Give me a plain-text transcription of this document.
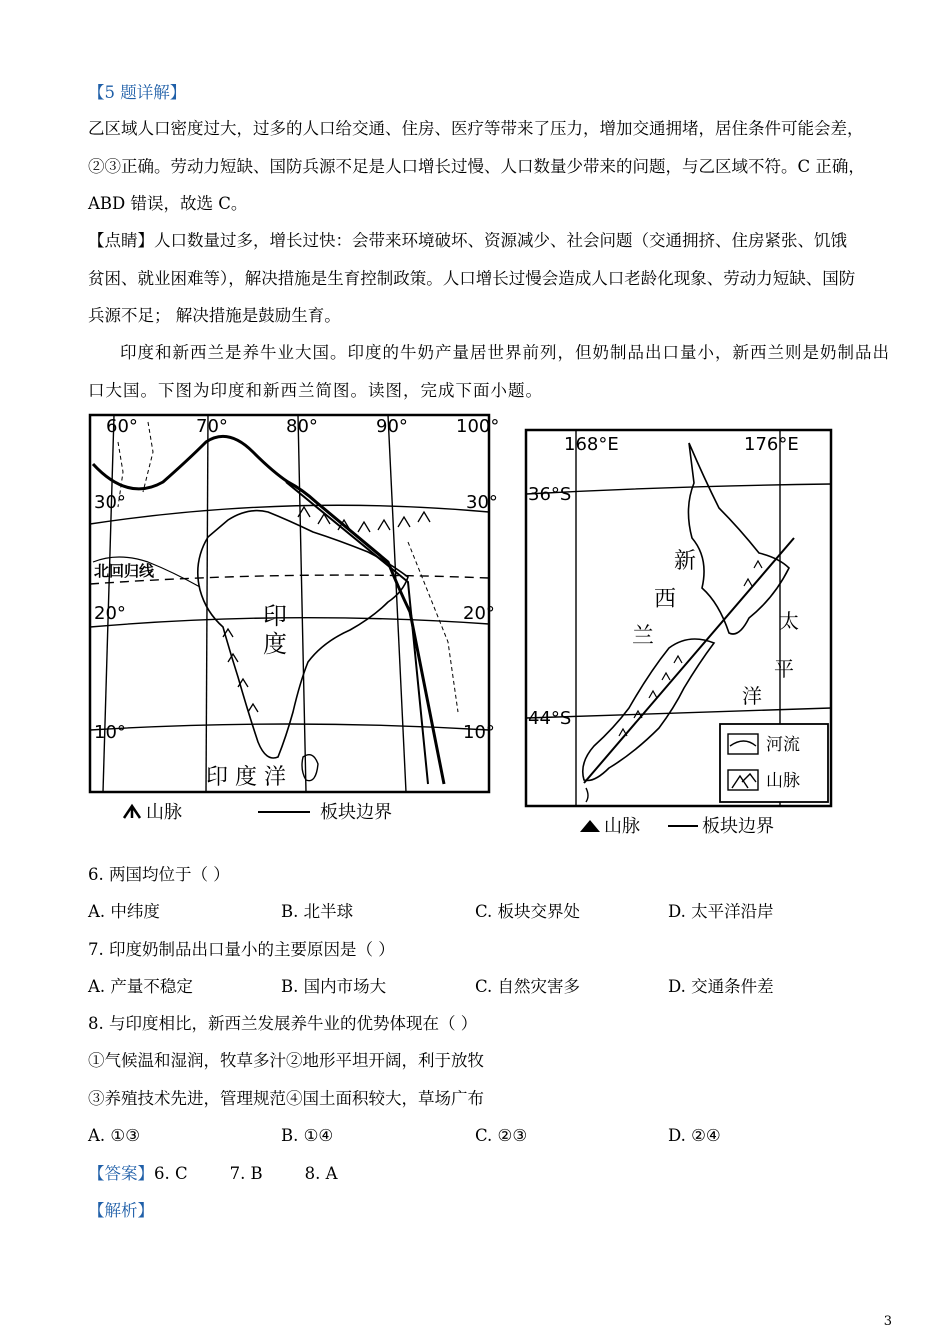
【5 题详解】
乙区域人口密度过大，过多的人口给交通、住房、医疗等带来了压力，增加交通拥堵，居住条件可能会差，
②③正确。劳动力短缺、国防兵源不足是人口增长过慢、人口数量少带来的问题，与乙区域不符。C 正确，
ABD 错误，故选 C。
【点睛】人口数量过多，增长过快：会带来环境破坏、资源减少、社会问题（交通拥挤、住房紧张、饥饿
贫困、就业困难等），解决措施是生育控制政策。人口增长过慢会造成人口老龄化现象、劳动力短缺、国防
兵源不足； 解决措施是鼓励生育。
印度和新西兰是养牛业大国。印度的牛奶产量居世界前列，但奶制品出口量小，新西兰则是奶制品出
口大国。下图为印度和新西兰简图。读图，完成下面小题。
60°	70°	80°	90°	100°
30°	30°
北回归线
20°	20°
10°	10°
印
度
印 度 洋
山脉	板块边界
168°E	176°E
36°S
44°S
新
西
兰
太
平
洋
河流
山脉
山脉	板块边界
6. 两国均位于（ ）
A. 中纬度	B. 北半球	C. 板块交界处	D. 太平洋沿岸
7. 印度奶制品出口量小的主要原因是（ ）
A. 产量不稳定	B. 国内市场大	C. 自然灾害多	D. 交通条件差
8. 与印度相比，新西兰发展养牛业的优势体现在（ ）
①气候温和湿润，牧草多汁②地形平坦开阔，利于放牧
③养殖技术先进，管理规范④国土面积较大，草场广布
A. ①③	B. ①④	C. ②③	D. ②④
【答案】6. C        7. B        8. A
【解析】
3
